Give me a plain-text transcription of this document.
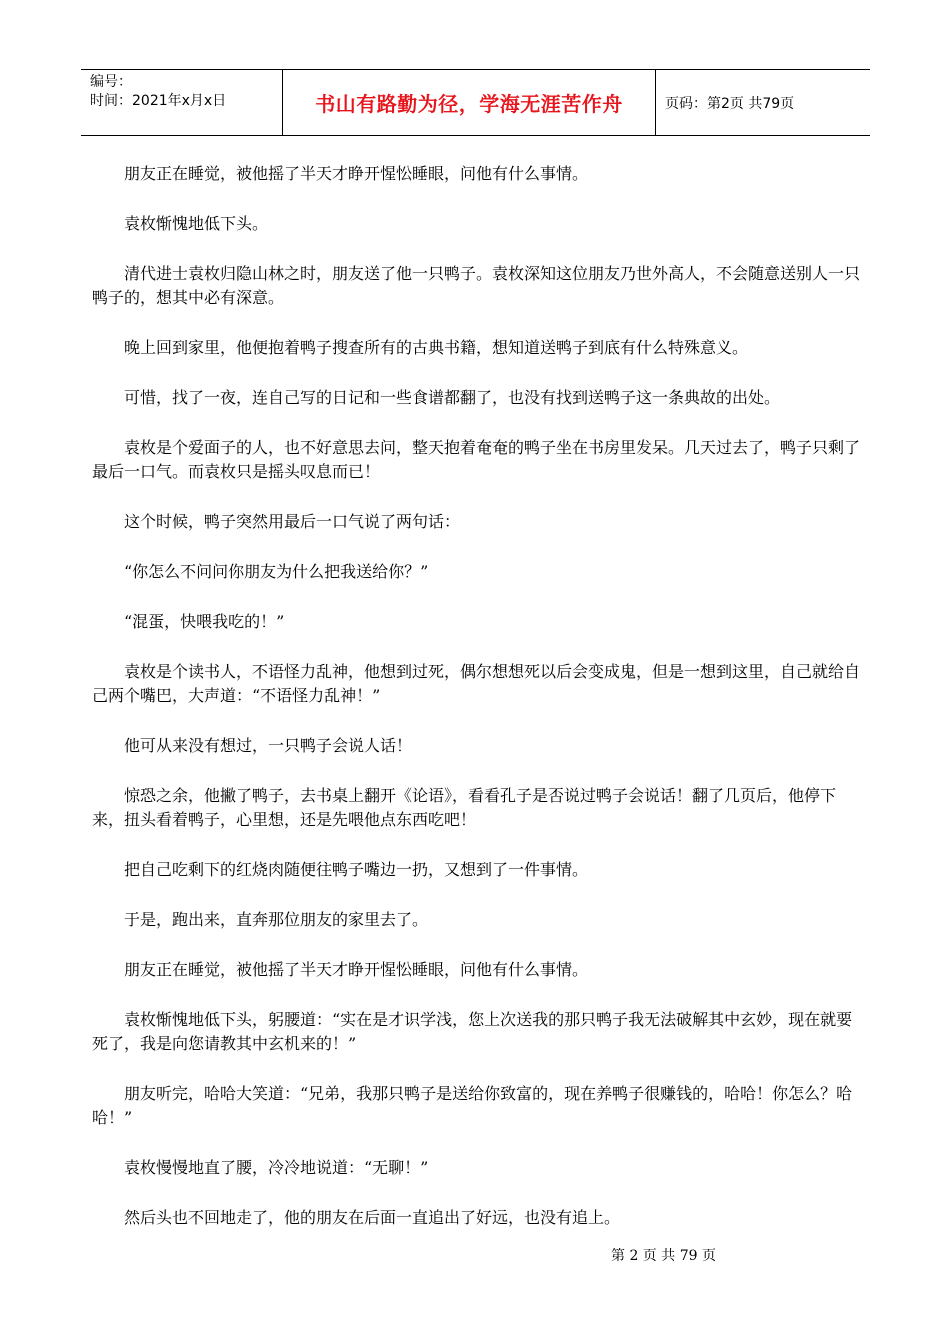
编号：
时间：2021年x月x日	书山有路勤为径，学海无涯苦作舟	页码：第2页 共79页

朋友正在睡觉，被他摇了半天才睁开惺忪睡眼，问他有什么事情。

袁枚惭愧地低下头。

清代进士袁枚归隐山林之时，朋友送了他一只鸭子。袁枚深知这位朋友乃世外高人，不会随意送别人一只鸭子的，想其中必有深意。

晚上回到家里，他便抱着鸭子搜查所有的古典书籍，想知道送鸭子到底有什么特殊意义。

可惜，找了一夜，连自己写的日记和一些食谱都翻了，也没有找到送鸭子这一条典故的出处。

袁枚是个爱面子的人，也不好意思去问，整天抱着奄奄的鸭子坐在书房里发呆。几天过去了，鸭子只剩了最后一口气。而袁枚只是摇头叹息而已！

这个时候，鸭子突然用最后一口气说了两句话：

“你怎么不问问你朋友为什么把我送给你？”

“混蛋，快喂我吃的！”

袁枚是个读书人，不语怪力乱神，他想到过死，偶尔想想死以后会变成鬼，但是一想到这里，自己就给自己两个嘴巴，大声道：“不语怪力乱神！”

他可从来没有想过，一只鸭子会说人话！

惊恐之余，他撇了鸭子，去书桌上翻开《论语》，看看孔子是否说过鸭子会说话！翻了几页后，他停下来，扭头看着鸭子，心里想，还是先喂他点东西吃吧！

把自己吃剩下的红烧肉随便往鸭子嘴边一扔，又想到了一件事情。

于是，跑出来，直奔那位朋友的家里去了。

朋友正在睡觉，被他摇了半天才睁开惺忪睡眼，问他有什么事情。

袁枚惭愧地低下头，躬腰道：“实在是才识学浅，您上次送我的那只鸭子我无法破解其中玄妙，现在就要死了，我是向您请教其中玄机来的！”

朋友听完，哈哈大笑道：“兄弟，我那只鸭子是送给你致富的，现在养鸭子很赚钱的，哈哈！你怎么？哈哈！”

袁枚慢慢地直了腰，冷冷地说道：“无聊！”

然后头也不回地走了，他的朋友在后面一直追出了好远，也没有追上。

第 2 页 共 79 页
